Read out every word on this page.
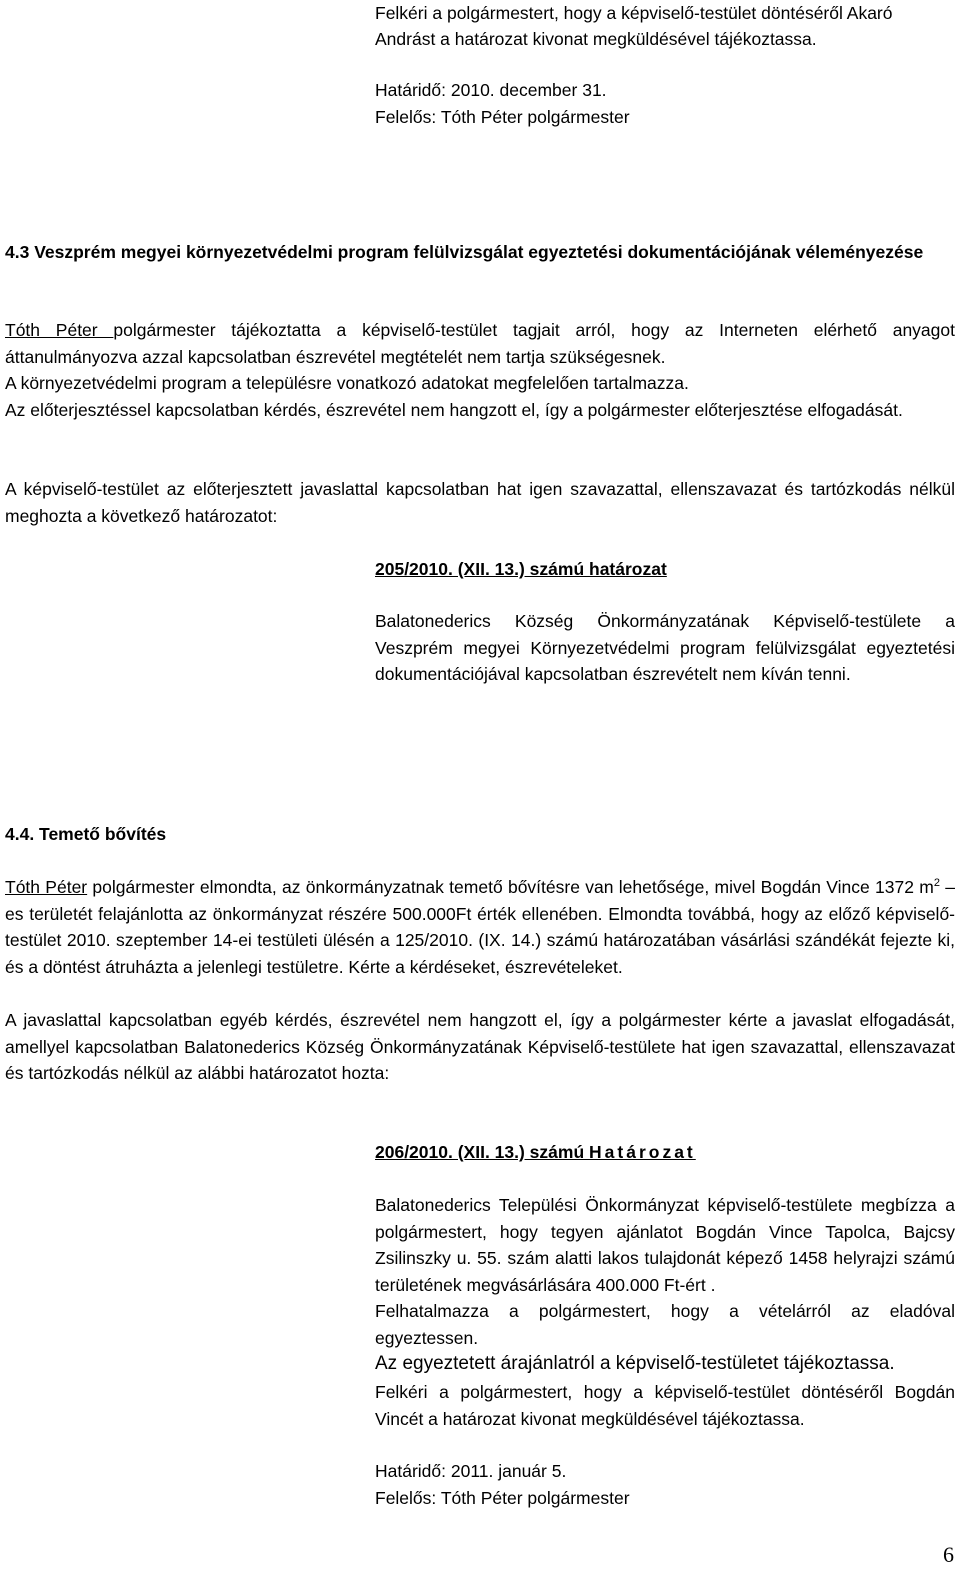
Felkéri a polgármestert, hogy a képviselő-testület döntéséről Akaró
Andrást a határozat kivonat megküldésével tájékoztassa.
Határidő: 2010. december 31.
Felelős: Tóth Péter polgármester
4.3 Veszprém megyei környezetvédelmi program felülvizsgálat egyeztetési dokumentációjának véleményezése
Tóth Péter polgármester tájékoztatta a képviselő-testület tagjait arról, hogy az Interneten elérhető anyagot áttanulmányozva azzal kapcsolatban észrevétel megtételét nem tartja szükségesnek.
A környezetvédelmi program a településre vonatkozó adatokat megfelelően tartalmazza.
Az előterjesztéssel kapcsolatban kérdés, észrevétel nem hangzott el, így a polgármester előterjesztése elfogadását.
A képviselő-testület az előterjesztett javaslattal kapcsolatban hat igen szavazattal, ellenszavazat és tartózkodás nélkül meghozta a következő határozatot:
205/2010. (XII. 13.) számú határozat
Balatonederics Község Önkormányzatának Képviselő-testülete a Veszprém megyei Környezetvédelmi program felülvizsgálat egyeztetési dokumentációjával kapcsolatban észrevételt nem kíván tenni.
4.4. Temető bővítés
Tóth Péter polgármester elmondta, az önkormányzatnak temető bővítésre van lehetősége, mivel Bogdán Vince 1372 $m^2$ –es területét felajánlotta az önkormányzat részére 500.000Ft érték ellenében. Elmondta továbbá, hogy az előző képviselő-testület 2010. szeptember 14-ei testületi ülésén a 125/2010. (IX. 14.) számú határozatában vásárlási szándékát fejezte ki, és a döntést átruházta a jelenlegi testületre. Kérte a kérdéseket, észrevételeket.
A javaslattal kapcsolatban egyéb kérdés, észrevétel nem hangzott el, így a polgármester kérte a javaslat elfogadását, amellyel kapcsolatban Balatonederics Község Önkormányzatának Képviselő-testülete hat igen szavazattal, ellenszavazat és tartózkodás nélkül az alábbi határozatot hozta:
206/2010. (XII. 13.) számú Határozat
Balatonederics Települési Önkormányzat képviselő-testülete megbízza a polgármestert, hogy tegyen ajánlatot Bogdán Vince Tapolca, Bajcsy Zsilinszky u. 55. szám alatti lakos tulajdonát képező 1458 helyrajzi számú területének megvásárlására 400.000 Ft-ért .
Felhatalmazza a polgármestert, hogy a vételárról az eladóval egyeztessen.
Az egyeztetett árajánlatról a képviselő-testületet tájékoztassa.
Felkéri a polgármestert, hogy a képviselő-testület döntéséről Bogdán Vincét a határozat kivonat megküldésével tájékoztassa.
Határidő: 2011. január 5.
Felelős: Tóth Péter polgármester
6
